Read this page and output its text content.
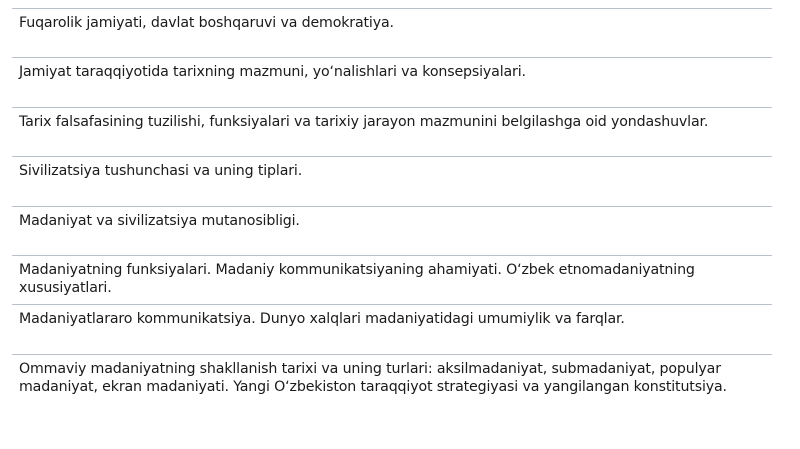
Fuqarolik jamiyati, davlat boshqaruvi va demokratiya.
Jamiyat taraqqiyotida tarixning mazmuni, yo‘nalishlari va konsepsiyalari.
Tarix falsafasining tuzilishi, funksiyalari va tarixiy jarayon mazmunini belgilashga oid yondashuvlar.
Sivilizatsiya tushunchasi va uning tiplari.
Madaniyat va sivilizatsiya mutanosibligi.
Madaniyatning funksiyalari. Madaniy kommunikatsiyaning ahamiyati. O‘zbek etnomadaniyatning xususiyatlari.
Madaniyatlararo kommunikatsiya. Dunyo xalqlari madaniyatidagi umumiylik va farqlar.
Ommaviy madaniyatning shakllanish tarixi va uning turlari: aksilmadaniyat, submadaniyat, populyar madaniyat, ekran madaniyati. Yangi O‘zbekiston taraqqiyot strategiyasi va yangilangan konstitutsiya.
